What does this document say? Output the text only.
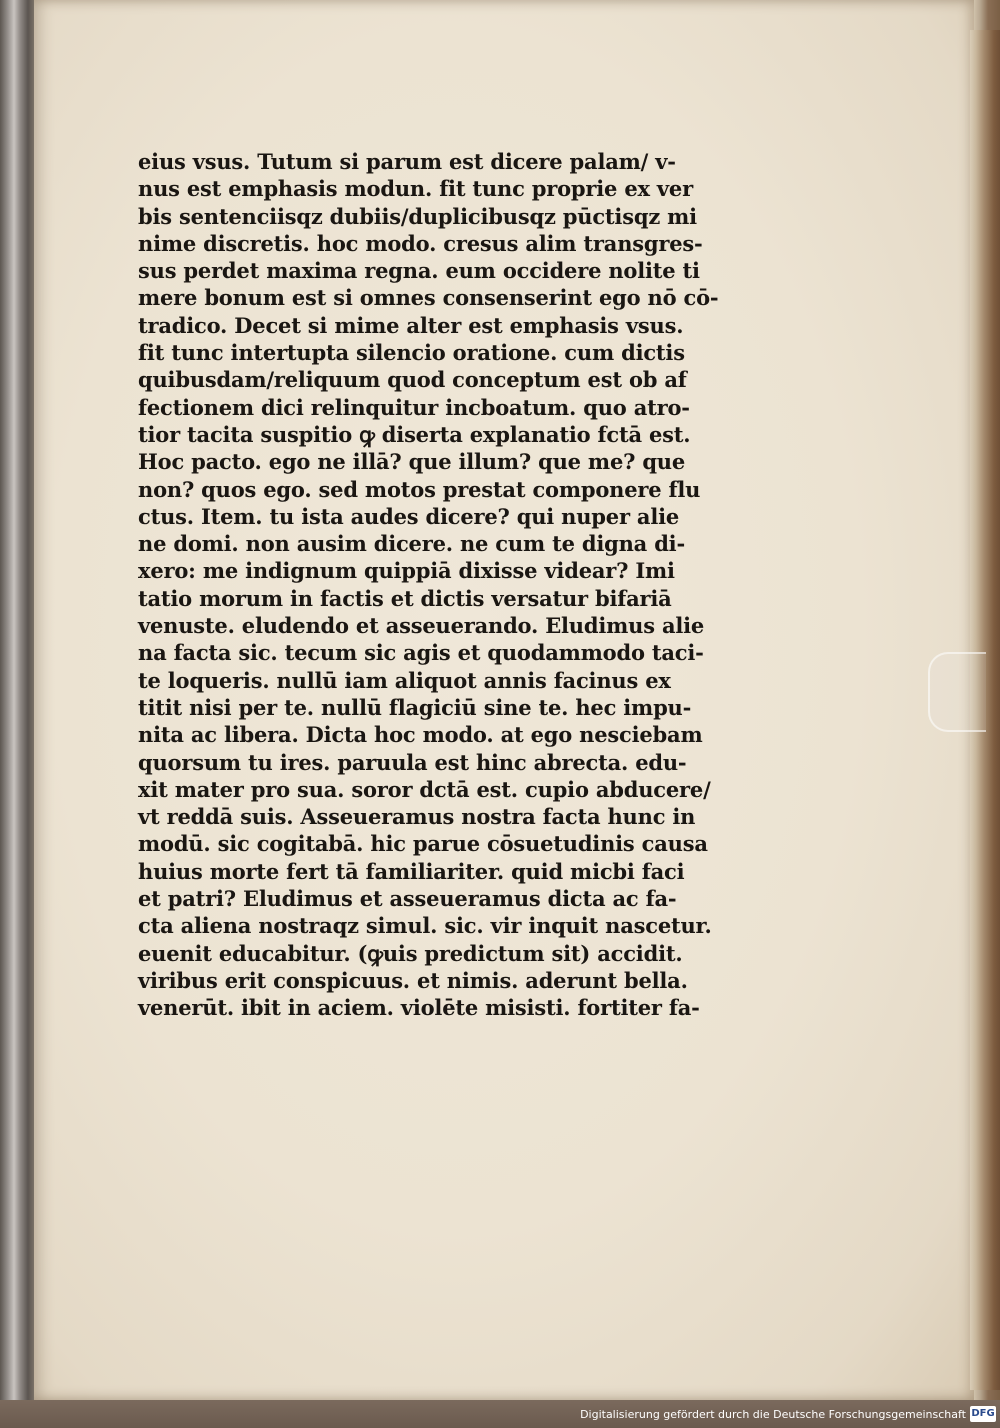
eius vsus. Tutum si parum est dicere palam/ v-
nus est emphasis modun. fit tunc proprie ex ver
bis sentenciisqz dubiis/duplicibusqz pūctisqz mi
nime discretis. hoc modo. cresus alim transgres-
sus perdet maxima regna. eum occidere nolite ti
mere bonum est si omnes consenserint ego nō cō-
tradico. Decet si mime alter est emphasis vsus.
fit tunc intertupta silencio oratione. cum dictis
quibusdam/reliquum quod conceptum est ob af
fectionem dici relinquitur incboatum. quo atro-
tior tacita suspitio ꝙ diserta explanatio fctā est.
Hoc pacto. ego ne illā? que illum? que me? que
non? quos ego. sed motos prestat componere flu
ctus. Item. tu ista audes dicere? qui nuper alie
ne domi. non ausim dicere. ne cum te digna di-
xero: me indignum quippiā dixisse videar? Imi
tatio morum in factis et dictis versatur bifariā
venuste. eludendo et asseuerando. Eludimus alie
na facta sic. tecum sic agis et quodammodo taci-
te loqueris. nullū iam aliquot annis facinus ex
titit nisi per te. nullū flagiciū sine te. hec impu-
nita ac libera. Dicta hoc modo. at ego nesciebam
quorsum tu ires. paruula est hinc abrecta. edu-
xit mater pro sua. soror dctā est. cupio abducere/
vt reddā suis. Asseueramus nostra facta hunc in
modū. sic cogitabā. hic parue cōsuetudinis causa
huius morte fert tā familiariter. quid micbi faci
et patri? Eludimus et asseueramus dicta ac fa-
cta aliena nostraqz simul. sic. vir inquit nascetur.
euenit educabitur. (ꝙuis predictum sit) accidit.
viribus erit conspicuus. et nimis. aderunt bella.
venerūt. ibit in aciem. violēte misisti. fortiter fa-
Digitalisierung gefördert durch die Deutsche Forschungsgemeinschaft DFG
